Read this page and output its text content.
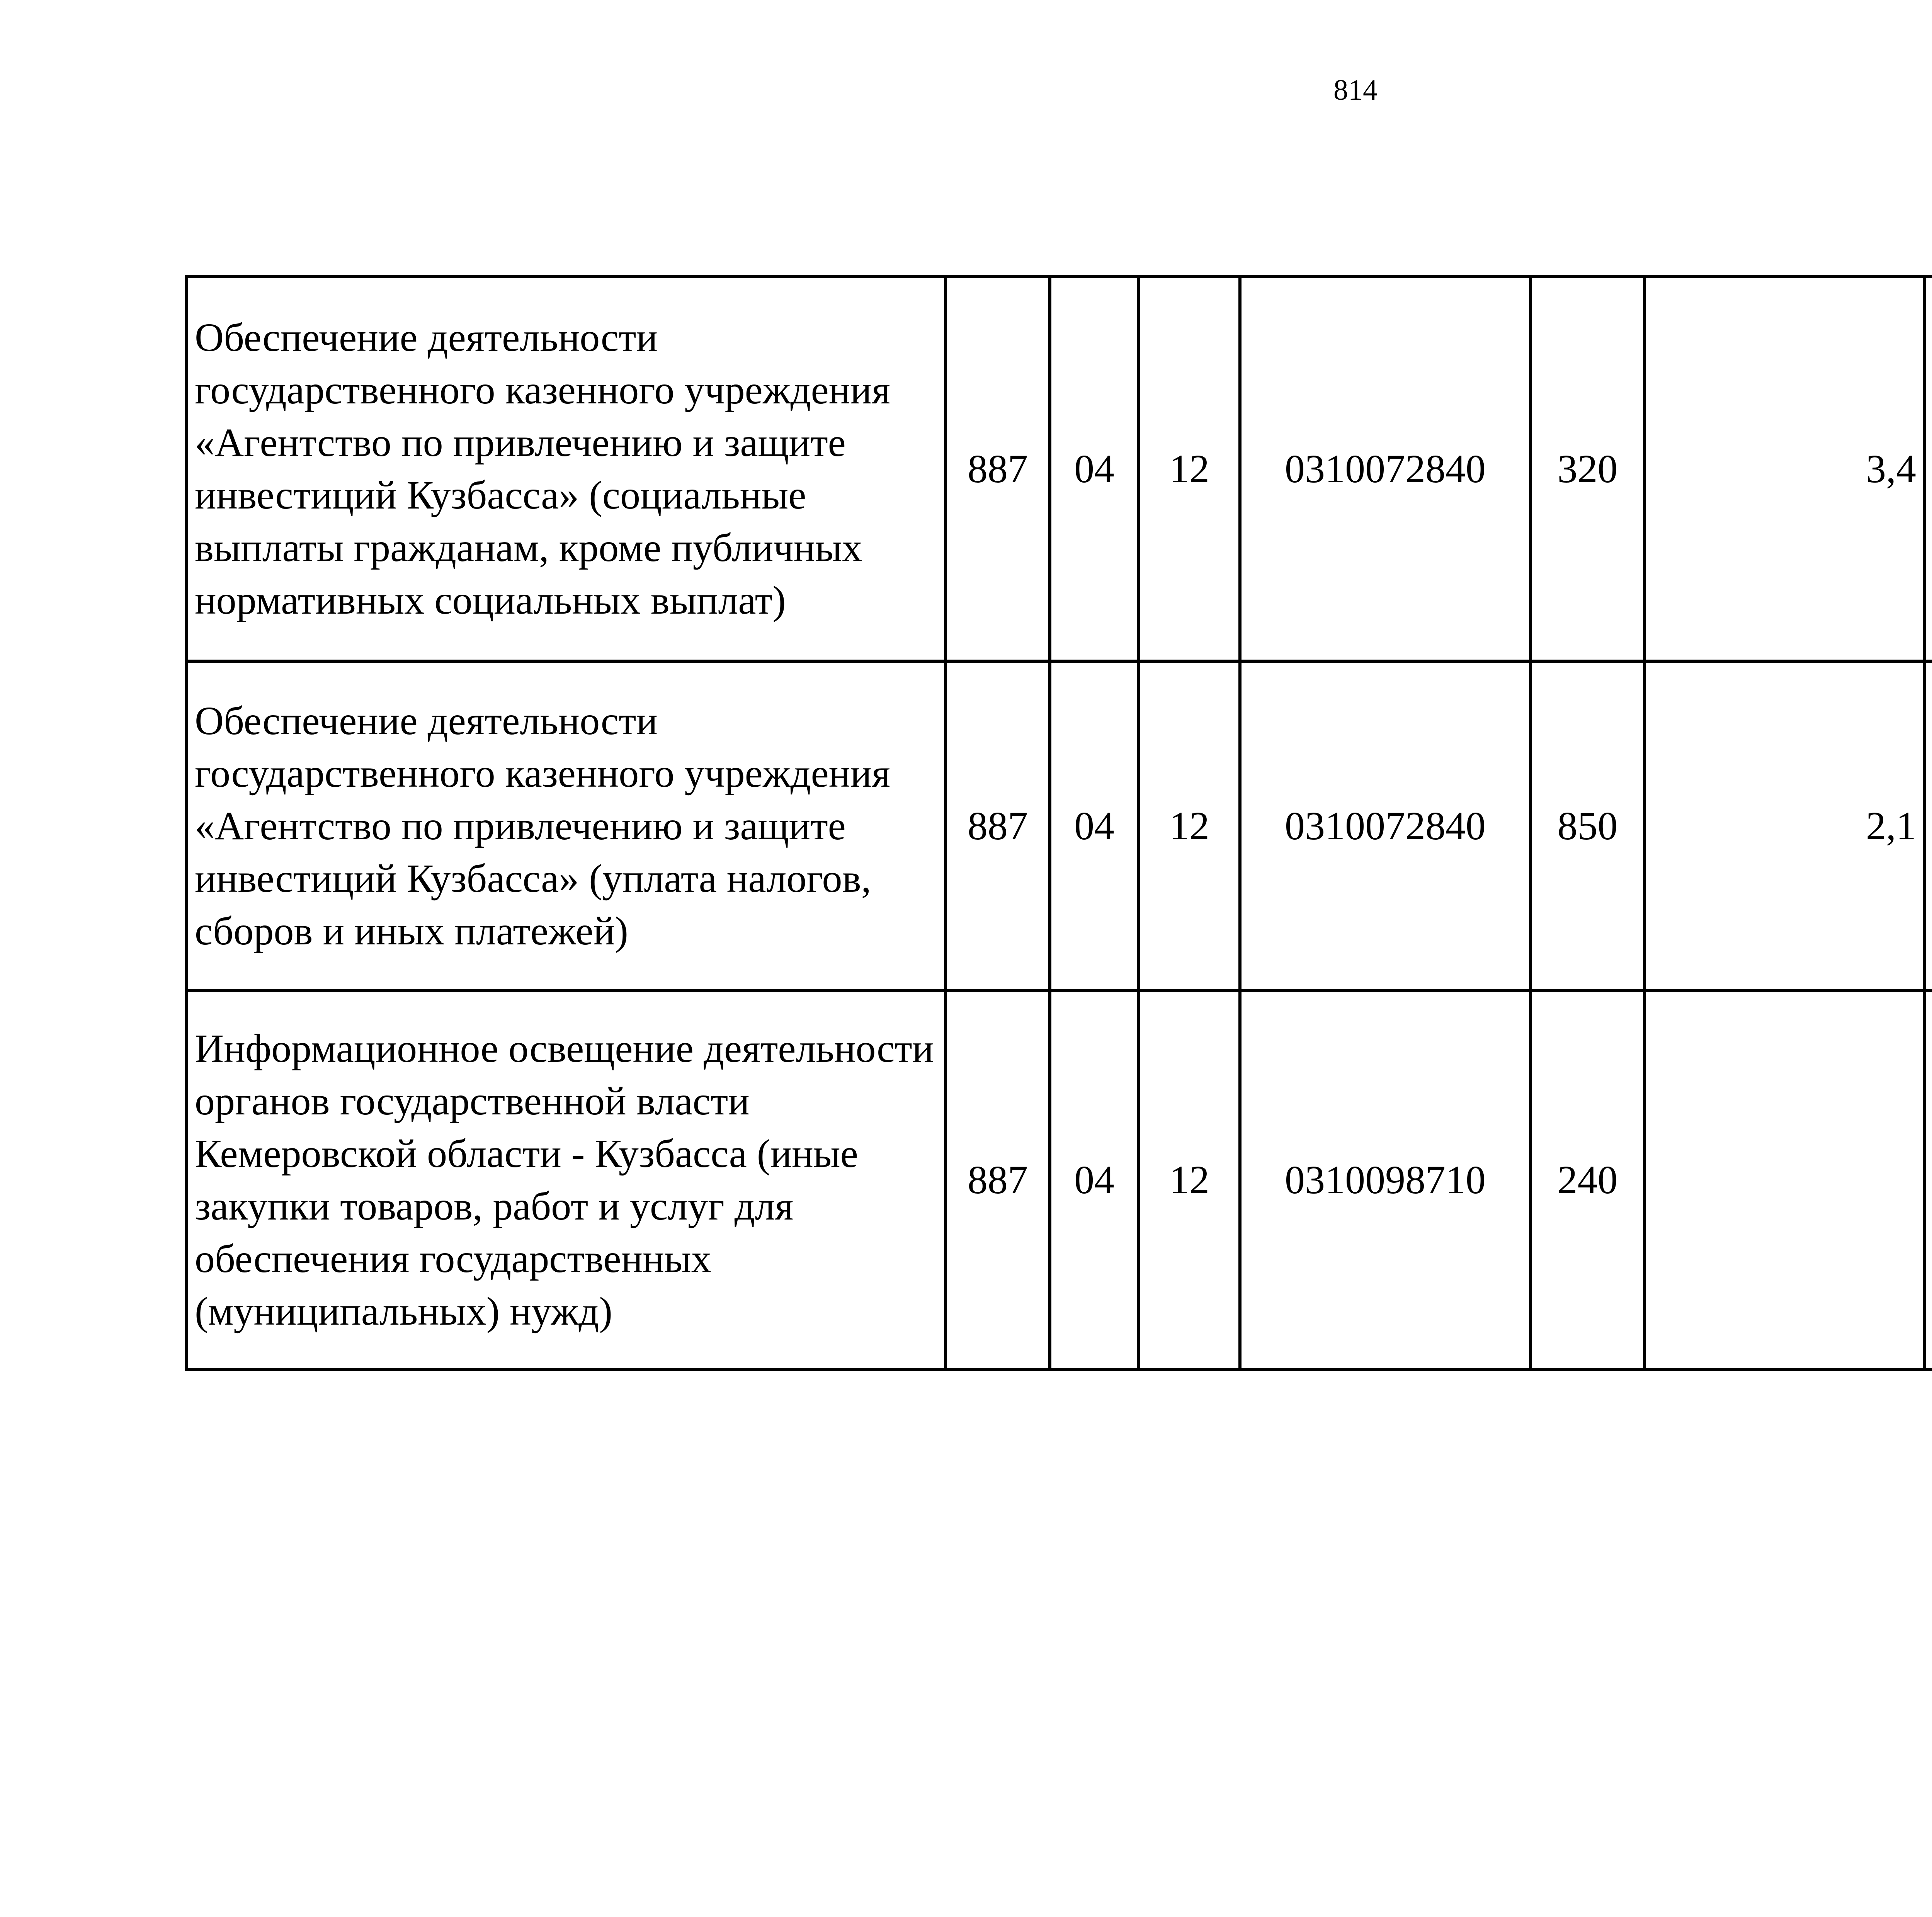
814
Обеспечение деятельности государственного казенного учреждения «Агентство по привлечению и защите инвестиций Кузбасса» (социальные выплаты гражданам, кроме публичных нормативных социальных выплат)	887	04	12	0310072840	320	3,4		

Обеспечение деятельности государственного казенного учреждения «Агентство по привлечению и защите инвестиций Кузбасса» (уплата налогов, сборов и иных платежей)	887	04	12	0310072840	850	2,1		

Информационное освещение деятельности органов государственной власти Кемеровской области - Кузбасса (иные закупки товаров, работ и услуг для обеспечения государственных (муниципальных) нужд)	887	04	12	0310098710	240			
